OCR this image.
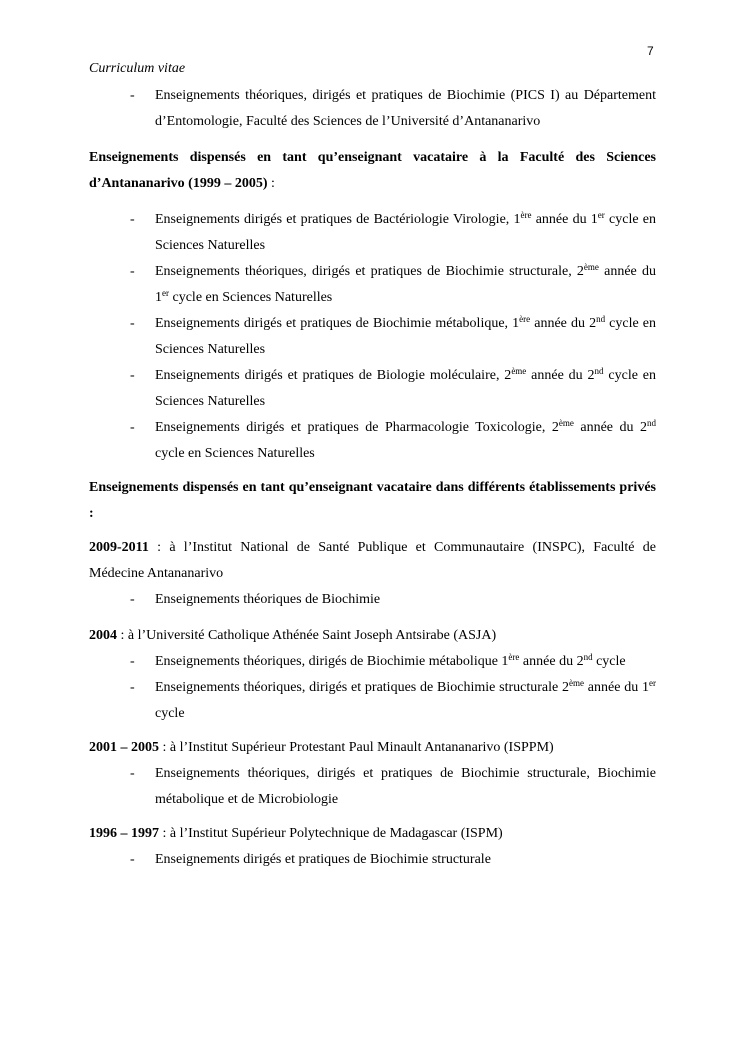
7
Curriculum vitae
- Enseignements théoriques, dirigés et pratiques de Biochimie (PICS I) au Département d’Entomologie, Faculté des Sciences de l’Université d’Antananarivo

Enseignements dispensés en tant qu’enseignant vacataire à la Faculté des Sciences d’Antananarivo (1999 – 2005) :

- Enseignements dirigés et pratiques de Bactériologie Virologie, 1ère année du 1er cycle en Sciences Naturelles
- Enseignements théoriques, dirigés et pratiques de Biochimie structurale, 2ème année du 1er cycle en Sciences Naturelles
- Enseignements dirigés et pratiques de Biochimie métabolique, 1ère année du 2nd cycle en Sciences Naturelles
- Enseignements dirigés et pratiques de Biologie moléculaire, 2ème année du 2nd cycle en Sciences Naturelles
- Enseignements dirigés et pratiques de Pharmacologie Toxicologie, 2ème année du 2nd cycle en Sciences Naturelles

Enseignements dispensés en tant qu’enseignant vacataire dans différents établissements privés :

2009-2011 : à l’Institut National de Santé Publique et Communautaire (INSPC), Faculté de Médecine Antananarivo

- Enseignements théoriques de Biochimie

2004 : à l’Université Catholique Athénée Saint Joseph Antsirabe (ASJA)

- Enseignements théoriques, dirigés de Biochimie métabolique 1ère année du 2nd cycle
- Enseignements théoriques, dirigés et pratiques de Biochimie structurale 2ème année du 1er cycle

2001 – 2005 : à l’Institut Supérieur Protestant Paul Minault Antananarivo (ISPPM)

- Enseignements théoriques, dirigés et pratiques de Biochimie structurale, Biochimie métabolique et de Microbiologie

1996 – 1997 : à l’Institut Supérieur Polytechnique de Madagascar (ISPM)

- Enseignements dirigés et pratiques de Biochimie structurale
